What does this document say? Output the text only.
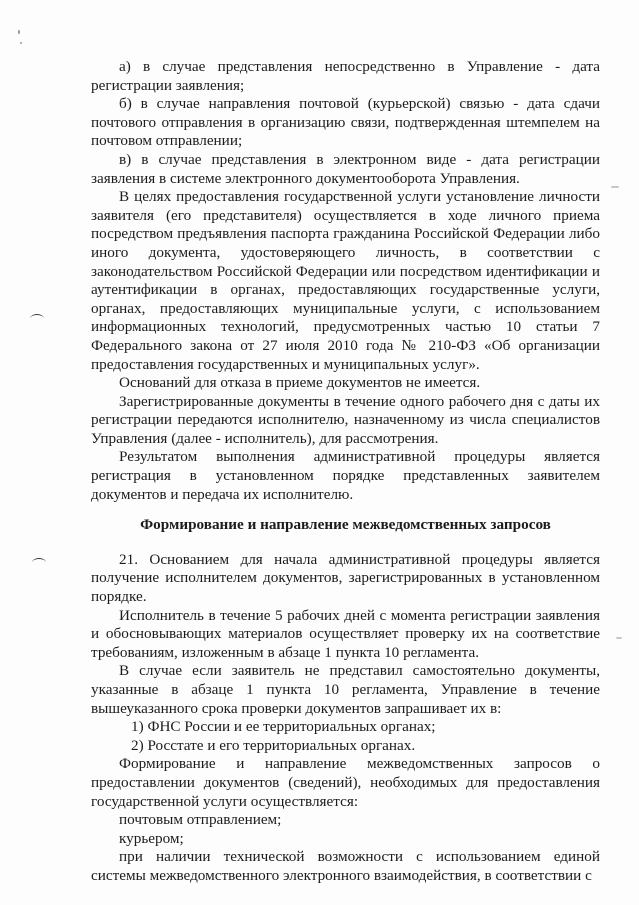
а) в случае представления непосредственно в Управление - дата регистрации заявления;

б) в случае направления почтовой (курьерской) связью - дата сдачи почтового отправления в организацию связи, подтвержденная штемпелем на почтовом отправлении;

в) в случае представления в электронном виде - дата регистрации заявления в системе электронного документооборота Управления.

В целях предоставления государственной услуги установление личности заявителя (его представителя) осуществляется в ходе личного приема посредством предъявления паспорта гражданина Российской Федерации либо иного документа, удостоверяющего личность, в соответствии с законодательством Российской Федерации или посредством идентификации и аутентификации в органах, предоставляющих государственные услуги, органах, предоставляющих муниципальные услуги, с использованием информационных технологий, предусмотренных частью 10 статьи 7 Федерального закона от 27 июля 2010 года № 210-ФЗ «Об организации предоставления государственных и муниципальных услуг».

Оснований для отказа в приеме документов не имеется.

Зарегистрированные документы в течение одного рабочего дня с даты их регистрации передаются исполнителю, назначенному из числа специалистов Управления (далее - исполнитель), для рассмотрения.

Результатом выполнения административной процедуры является регистрация в установленном порядке представленных заявителем документов и передача их исполнителю.

Формирование и направление межведомственных запросов

21. Основанием для начала административной процедуры является получение исполнителем документов, зарегистрированных в установленном порядке.

Исполнитель в течение 5 рабочих дней с момента регистрации заявления и обосновывающих материалов осуществляет проверку их на соответствие требованиям, изложенным в абзаце 1 пункта 10 регламента.

В случае если заявитель не представил самостоятельно документы, указанные в абзаце 1 пункта 10 регламента, Управление в течение вышеуказанного срока проверки документов запрашивает их в:

1) ФНС России и ее территориальных органах;

2) Росстате и его территориальных органах.

Формирование и направление межведомственных запросов о предоставлении документов (сведений), необходимых для предоставления государственной услуги осуществляется:

почтовым отправлением;

курьером;

при наличии технической возможности с использованием единой системы межведомственного электронного взаимодействия, в соответствии с
